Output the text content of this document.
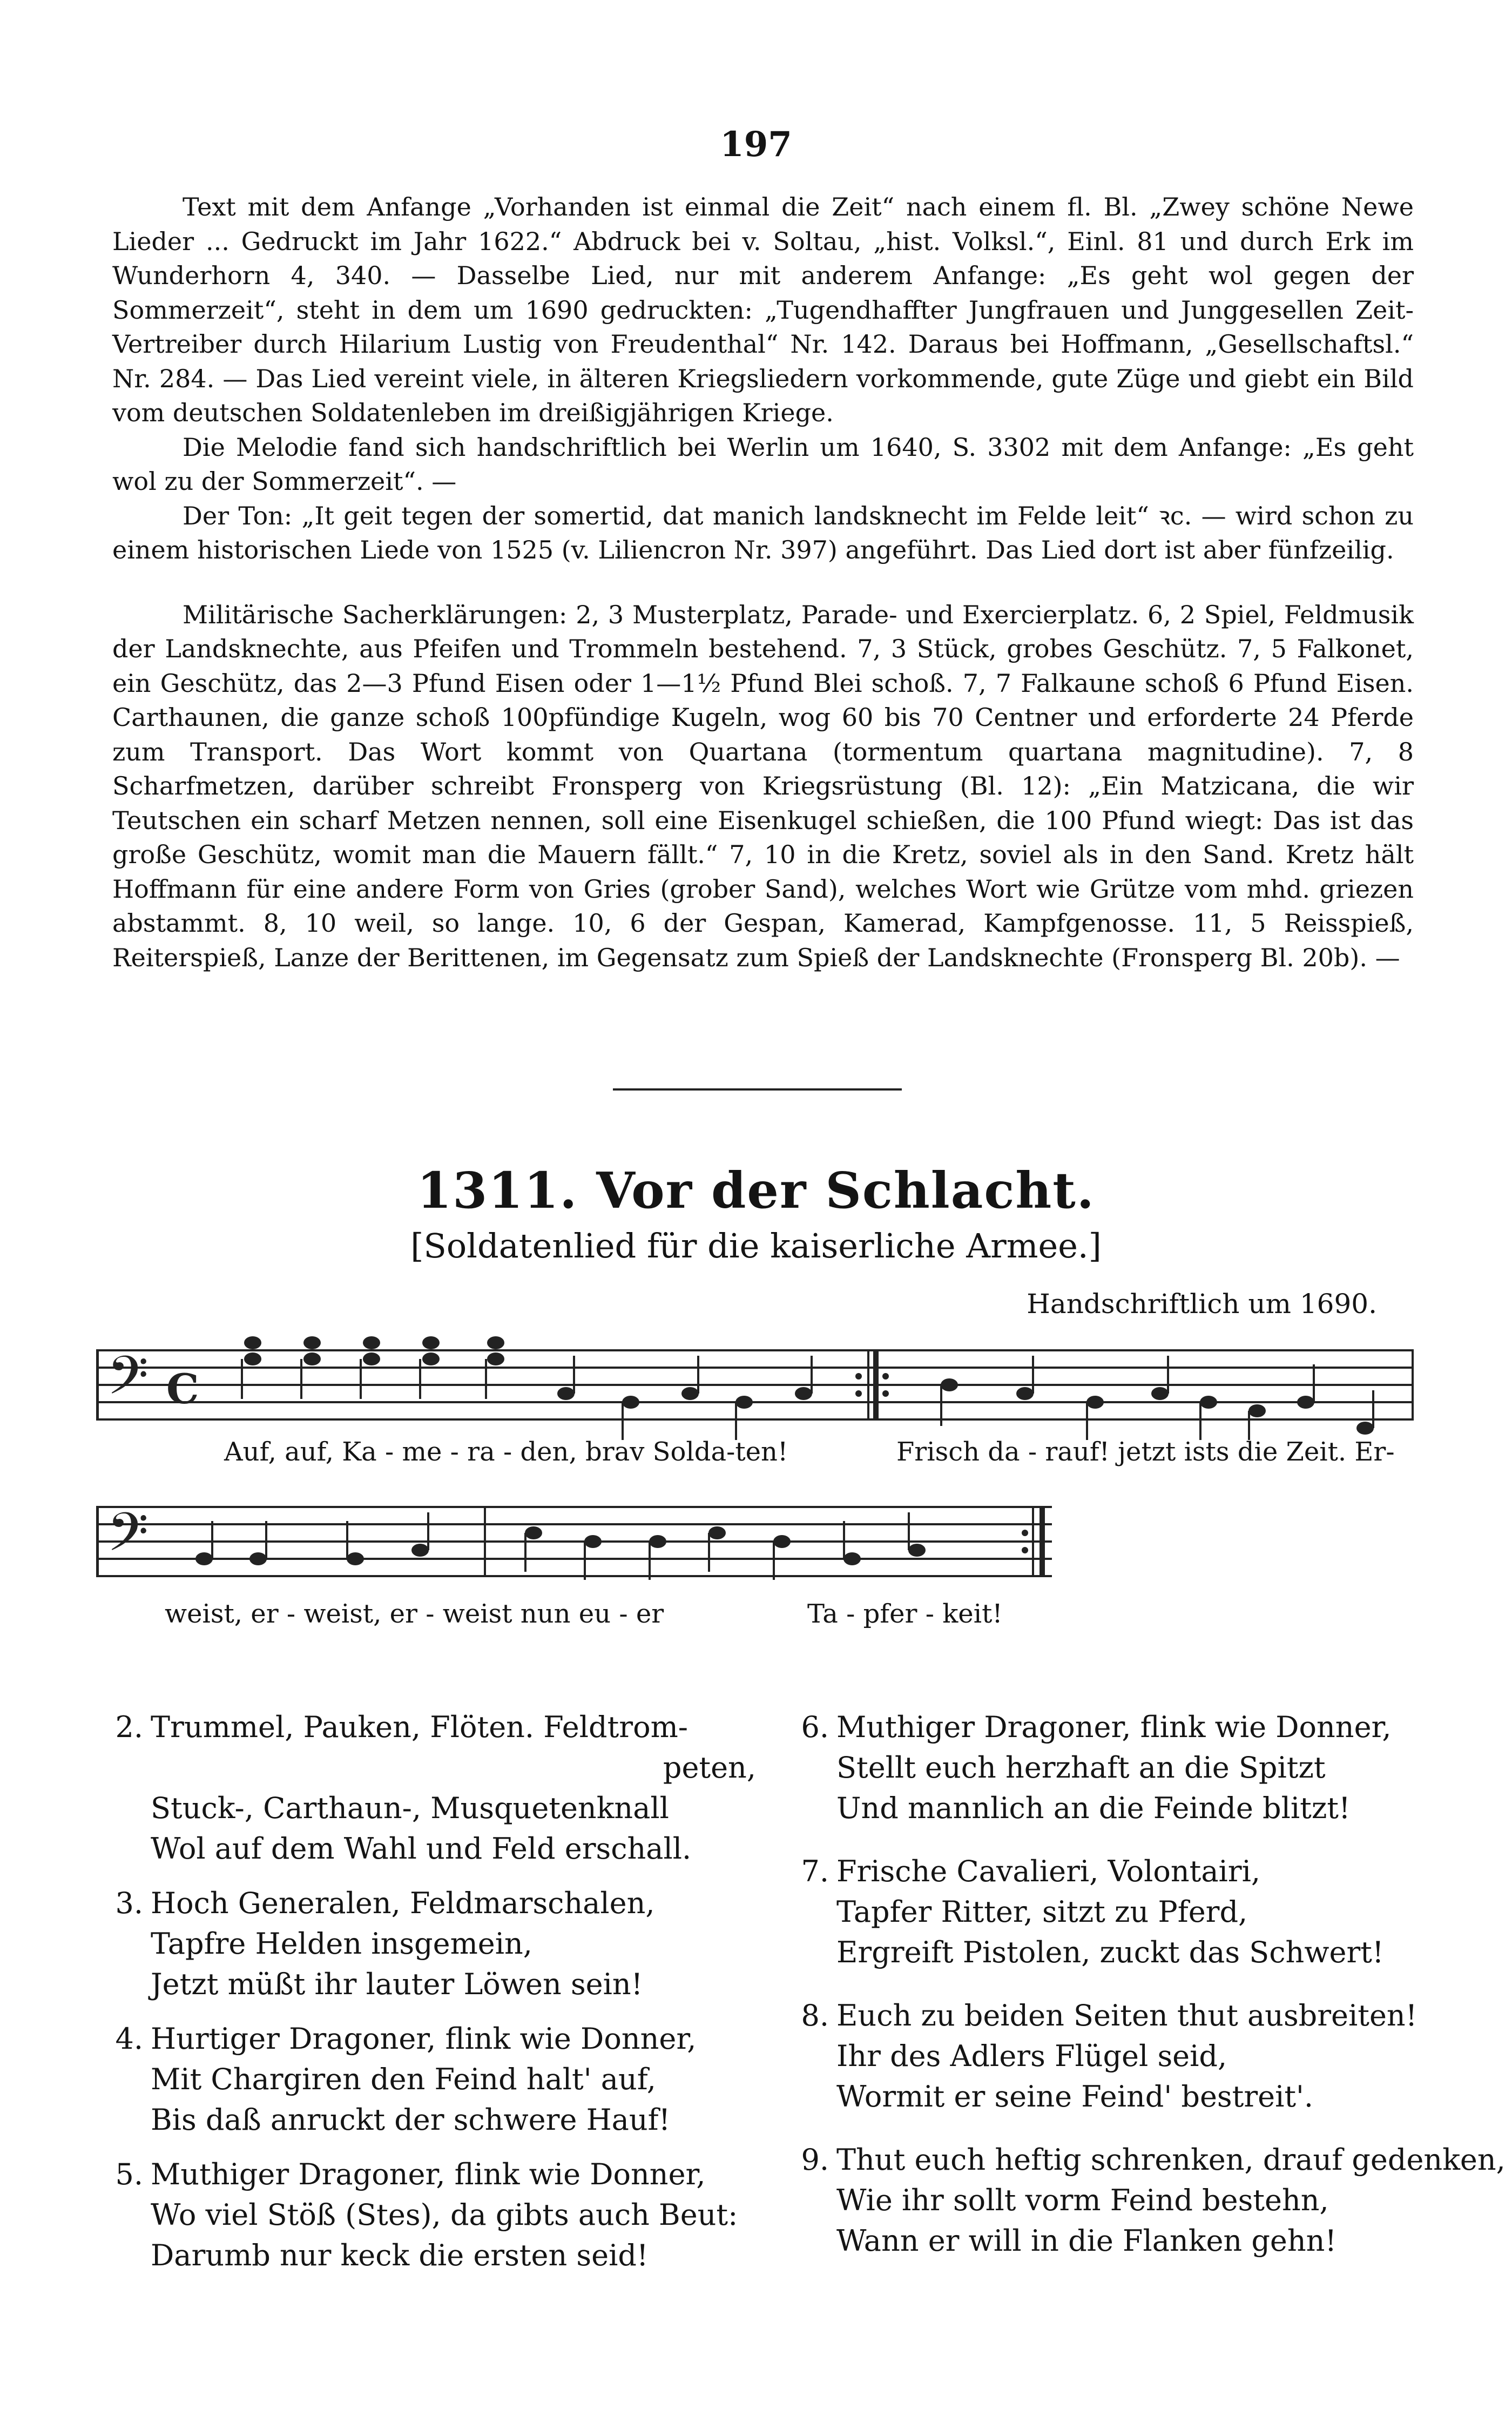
197

Text mit dem Anfange „Vorhanden ist einmal die Zeit“ nach einem fl. Bl. „Zwey schöne Newe Lieder ... Gedruckt im Jahr 1622.“ Abdruck bei v. Soltau, „hist. Volksl.“, Einl. 81 und durch Erk im Wunderhorn 4, 340. — Dasselbe Lied, nur mit anderem Anfange: „Es geht wol gegen der Sommerzeit“, steht in dem um 1690 gedruckten: „Tugendhaffter Jungfrauen und Junggesellen Zeit-Vertreiber durch Hilarium Lustig von Freudenthal“ Nr. 142. Daraus bei Hoffmann, „Gesellschaftsl.“ Nr. 284. — Das Lied vereint viele, in älteren Kriegsliedern vorkommende, gute Züge und giebt ein Bild vom deutschen Soldatenleben im dreißigjährigen Kriege.

Die Melodie fand sich handschriftlich bei Werlin um 1640, S. 3302 mit dem Anfange: „Es geht wol zu der Sommerzeit“. —

Der Ton: „It geit tegen der somertid, dat manich landsknecht im Felde leit“ ꝛc. — wird schon zu einem historischen Liede von 1525 (v. Liliencron Nr. 397) angeführt. Das Lied dort ist aber fünfzeilig.

Militärische Sacherklärungen: 2, 3 Musterplatz, Parade- und Exercierplatz. 6, 2 Spiel, Feldmusik der Landsknechte, aus Pfeifen und Trommeln bestehend. 7, 3 Stück, grobes Geschütz. 7, 5 Falkonet, ein Geschütz, das 2—3 Pfund Eisen oder 1—1½ Pfund Blei schoß. 7, 7 Falkaune schoß 6 Pfund Eisen. Carthaunen, die ganze schoß 100pfündige Kugeln, wog 60 bis 70 Centner und erforderte 24 Pferde zum Transport. Das Wort kommt von Quartana (tormentum quartana magnitudine). 7, 8 Scharfmetzen, darüber schreibt Fronsperg von Kriegsrüstung (Bl. 12): „Ein Matzicana, die wir Teutschen ein scharf Metzen nennen, soll eine Eisenkugel schießen, die 100 Pfund wiegt: Das ist das große Geschütz, womit man die Mauern fällt.“ 7, 10 in die Kretz, soviel als in den Sand. Kretz hält Hoffmann für eine andere Form von Gries (grober Sand), welches Wort wie Grütze vom mhd. griezen abstammt. 8, 10 weil, so lange. 10, 6 der Gespan, Kamerad, Kampfgenosse. 11, 5 Reisspieß, Reiterspieß, Lanze der Berittenen, im Gegensatz zum Spieß der Landsknechte (Fronsperg Bl. 20b). —

1311. Vor der Schlacht.
[Soldatenlied für die kaiserliche Armee.]
Handschriftlich um 1690.
𝄢 C
Auf, auf, Ka - me - ra - den, brav Solda-ten!	Frisch da - rauf! jetzt ists die Zeit. Er-
𝄢
weist, er - weist, er - weist nun eu - er	Ta - pfer - keit!
2. Trummel, Pauken, Flöten. Feldtrom-
peten,
Stuck-, Carthaun-, Musquetenknall
Wol auf dem Wahl und Feld erschall.
3. Hoch Generalen, Feldmarschalen,
Tapfre Helden insgemein,
Jetzt müßt ihr lauter Löwen sein!
4. Hurtiger Dragoner, flink wie Donner,
Mit Chargiren den Feind halt' auf,
Bis daß anruckt der schwere Hauf!
5. Muthiger Dragoner, flink wie Donner,
Wo viel Stöß (Stes), da gibts auch Beut:
Darumb nur keck die ersten seid!
6. Muthiger Dragoner, flink wie Donner,
Stellt euch herzhaft an die Spitzt
Und mannlich an die Feinde blitzt!
7. Frische Cavalieri, Volontairi,
Tapfer Ritter, sitzt zu Pferd,
Ergreift Pistolen, zuckt das Schwert!
8. Euch zu beiden Seiten thut ausbreiten!
Ihr des Adlers Flügel seid,
Wormit er seine Feind' bestreit'.
9. Thut euch heftig schrenken, drauf gedenken,
Wie ihr sollt vorm Feind bestehn,
Wann er will in die Flanken gehn!
